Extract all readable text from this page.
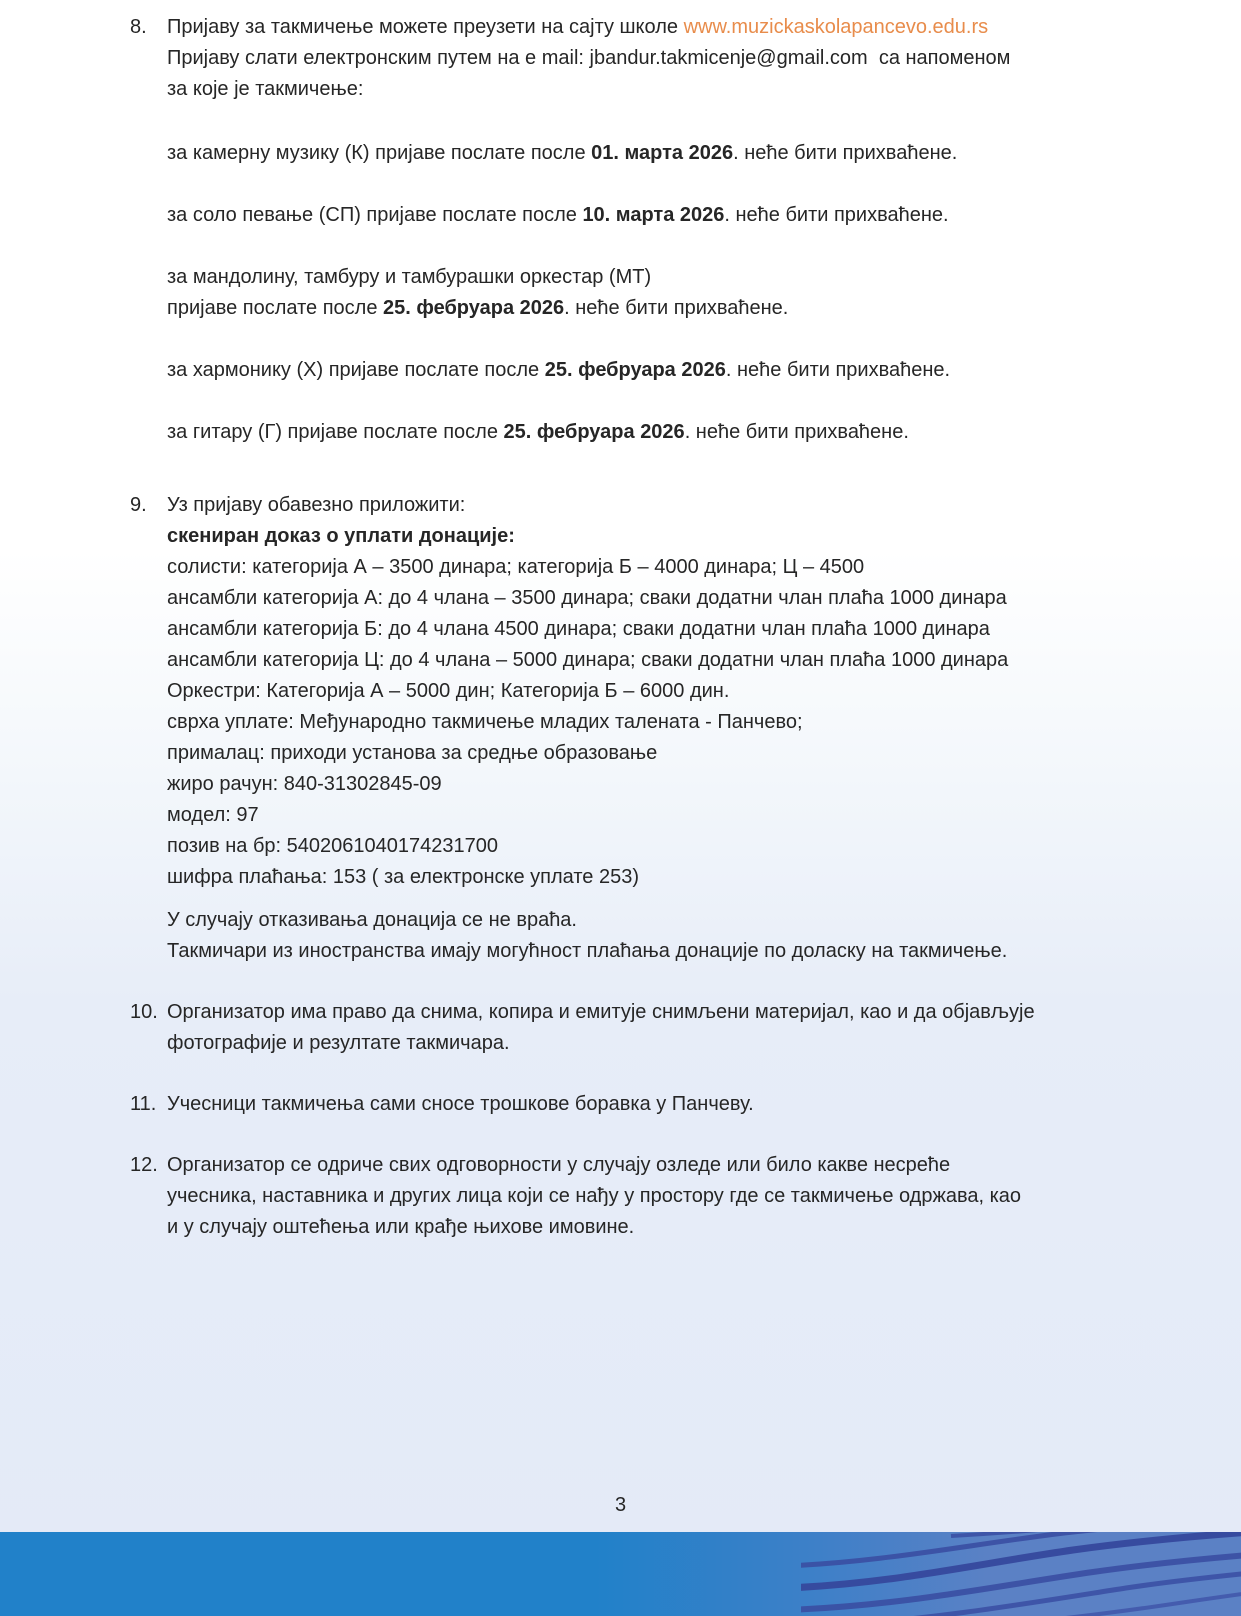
8.	Пријаву за такмичење можете преузети на сајту школе www.muzickaskolapancevo.edu.rs
Пријаву слати електронским путем на е mail: jbandur.takmicenje@gmail.com  са напоменом
за које је такмичење:
за камерну музику (К) пријаве послате после 01. марта 2026. неће бити прихваћене.
за соло певање (СП) пријаве послате после 10. марта 2026. неће бити прихваћене.
за мандолину, тамбуру и тамбурашки оркестар (МТ)
пријаве послате после 25. фебруара 2026. неће бити прихваћене.
за хармонику (Х) пријаве послате после 25. фебруара 2026. неће бити прихваћене.
за гитару (Г) пријаве послате после 25. фебруара 2026. неће бити прихваћене.
9.	Уз пријаву обавезно приложити:
скениран доказ о уплати донације:
солисти: категорија А – 3500 динара; категорија Б – 4000 динара; Ц – 4500
ансамбли категорија А: до 4 члана – 3500 динара; сваки додатни члан плаћа 1000 динара
ансамбли категорија Б: до 4 члана 4500 динара; сваки додатни члан плаћа 1000 динара
ансамбли категорија Ц: до 4 члана – 5000 динара; сваки додатни члан плаћа 1000 динара
Оркестри: Категорија А – 5000 дин; Категорија Б – 6000 дин.
сврха уплате: Међународно такмичење младих талената - Панчево;
прималац: приходи установа за средње образовање
жиро рачун: 840-31302845-09
модел: 97
позив на бр: 5402061040174231700
шифра плаћања: 153 ( за електронске уплате 253)
У случају отказивања донација се не враћа.
Такмичари из иностранства имају могућност плаћања донације по доласку на такмичење.
10. Организатор има право да снима, копира и емитује снимљени материјал, као и да објављује
фотографије и резултате такмичара.
11. Учесници такмичења сами сносе трошкове боравка у Панчеву.
12. Организатор се одриче свих одговорности у случају озледе или било какве несреће
учесника, наставника и других лица који се нађу у простору где се такмичење одржава, као
и у случају оштећења или крађе њихове имовине.
3
